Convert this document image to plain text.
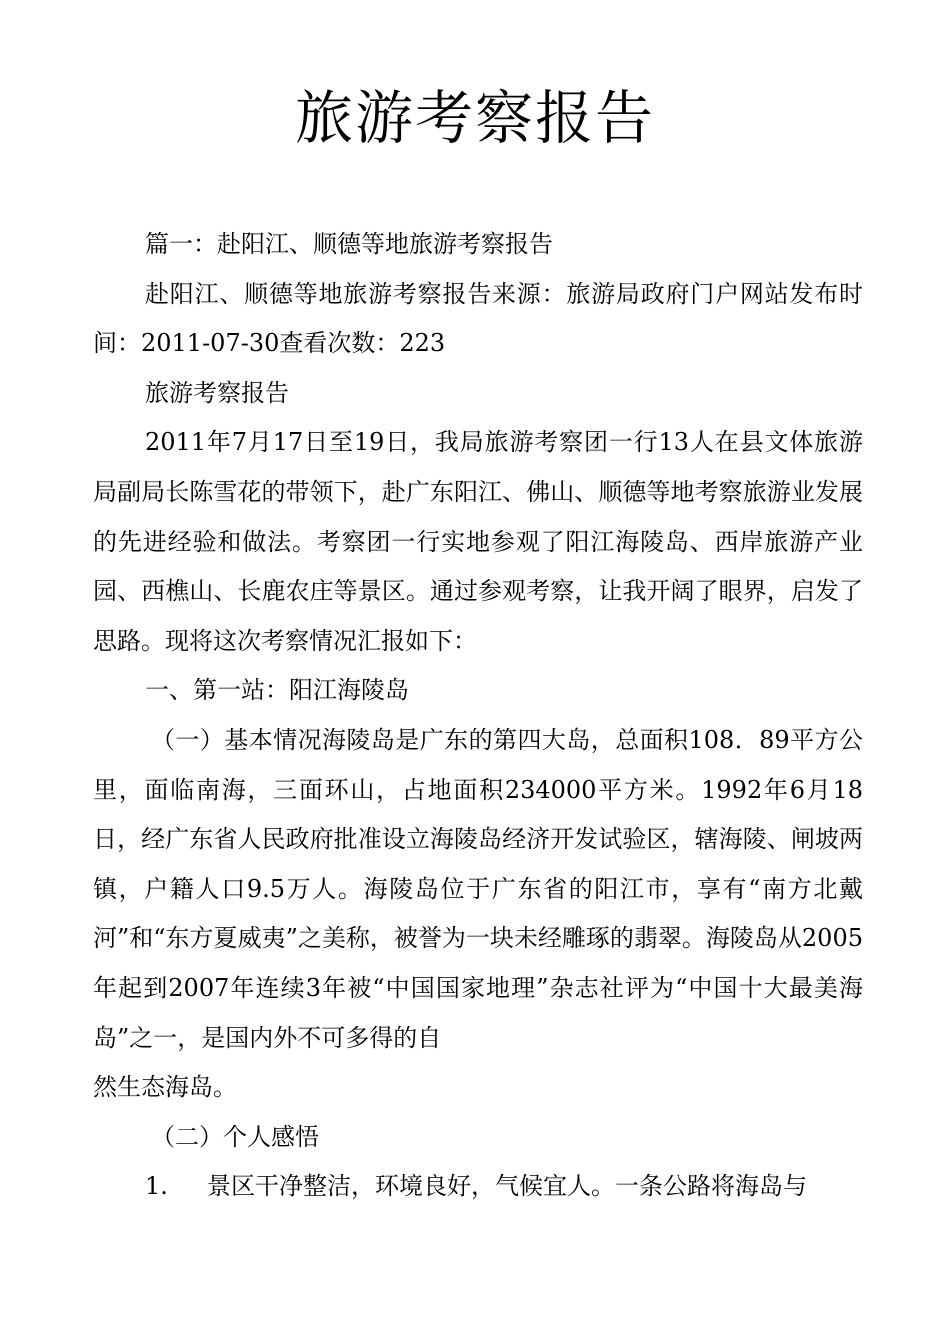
旅游考察报告

篇一：赴阳江、顺德等地旅游考察报告

赴阳江、顺德等地旅游考察报告来源：旅游局政府门户网站发布时间：2011-07-30查看次数：223

旅游考察报告

2011年7月17日至19日，我局旅游考察团一行13人在县文体旅游局副局长陈雪花的带领下，赴广东阳江、佛山、顺德等地考察旅游业发展的先进经验和做法。考察团一行实地参观了阳江海陵岛、西岸旅游产业园、西樵山、长鹿农庄等景区。通过参观考察，让我开阔了眼界，启发了思路。现将这次考察情况汇报如下：

一、第一站：阳江海陵岛

（一）基本情况海陵岛是广东的第四大岛，总面积108．89平方公里，面临南海，三面环山，占地面积234000平方米。1992年6月18日，经广东省人民政府批准设立海陵岛经济开发试验区，辖海陵、闸坡两镇，户籍人口9.5万人。海陵岛位于广东省的阳江市，享有“南方北戴河”和“东方夏威夷”之美称，被誉为一块未经雕琢的翡翠。海陵岛从2005年起到2007年连续3年被“中国国家地理”杂志社评为“中国十大最美海岛”之一，是国内外不可多得的自

然生态海岛。

（二）个人感悟

1.	景区干净整洁，环境良好，气候宜人。一条公路将海岛与
